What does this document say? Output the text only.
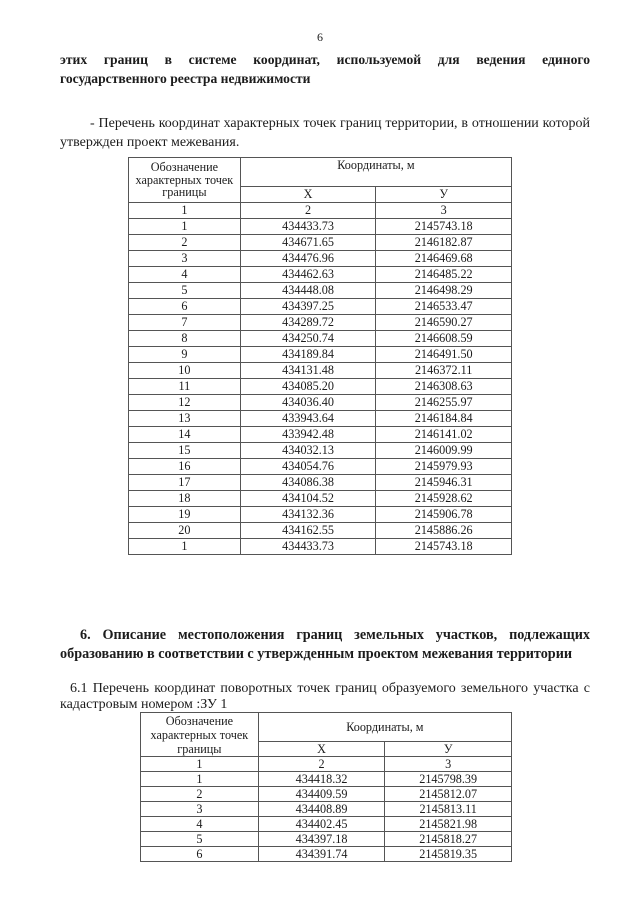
6
этих границ в системе координат, используемой для ведения единого государственного реестра недвижимости
- Перечень координат характерных точек границ территории, в отношении которой утвержден проект межевания.
Обозначение характерных точек границы	Координаты, м	
	Х	У
1	2	3
1	434433.73	2145743.18
2	434671.65	2146182.87
3	434476.96	2146469.68
4	434462.63	2146485.22
5	434448.08	2146498.29
6	434397.25	2146533.47
7	434289.72	2146590.27
8	434250.74	2146608.59
9	434189.84	2146491.50
10	434131.48	2146372.11
11	434085.20	2146308.63
12	434036.40	2146255.97
13	433943.64	2146184.84
14	433942.48	2146141.02
15	434032.13	2146009.99
16	434054.76	2145979.93
17	434086.38	2145946.31
18	434104.52	2145928.62
19	434132.36	2145906.78
20	434162.55	2145886.26
1	434433.73	2145743.18
6. Описание местоположения границ земельных участков, подлежащих образованию в соответствии с утвержденным проектом межевания территории
6.1 Перечень координат поворотных точек границ образуемого земельного участка с кадастровым номером :ЗУ 1
Обозначение характерных точек границы	Координаты, м	
	Х	У
1	2	3
1	434418.32	2145798.39
2	434409.59	2145812.07
3	434408.89	2145813.11
4	434402.45	2145821.98
5	434397.18	2145818.27
6	434391.74	2145819.35
